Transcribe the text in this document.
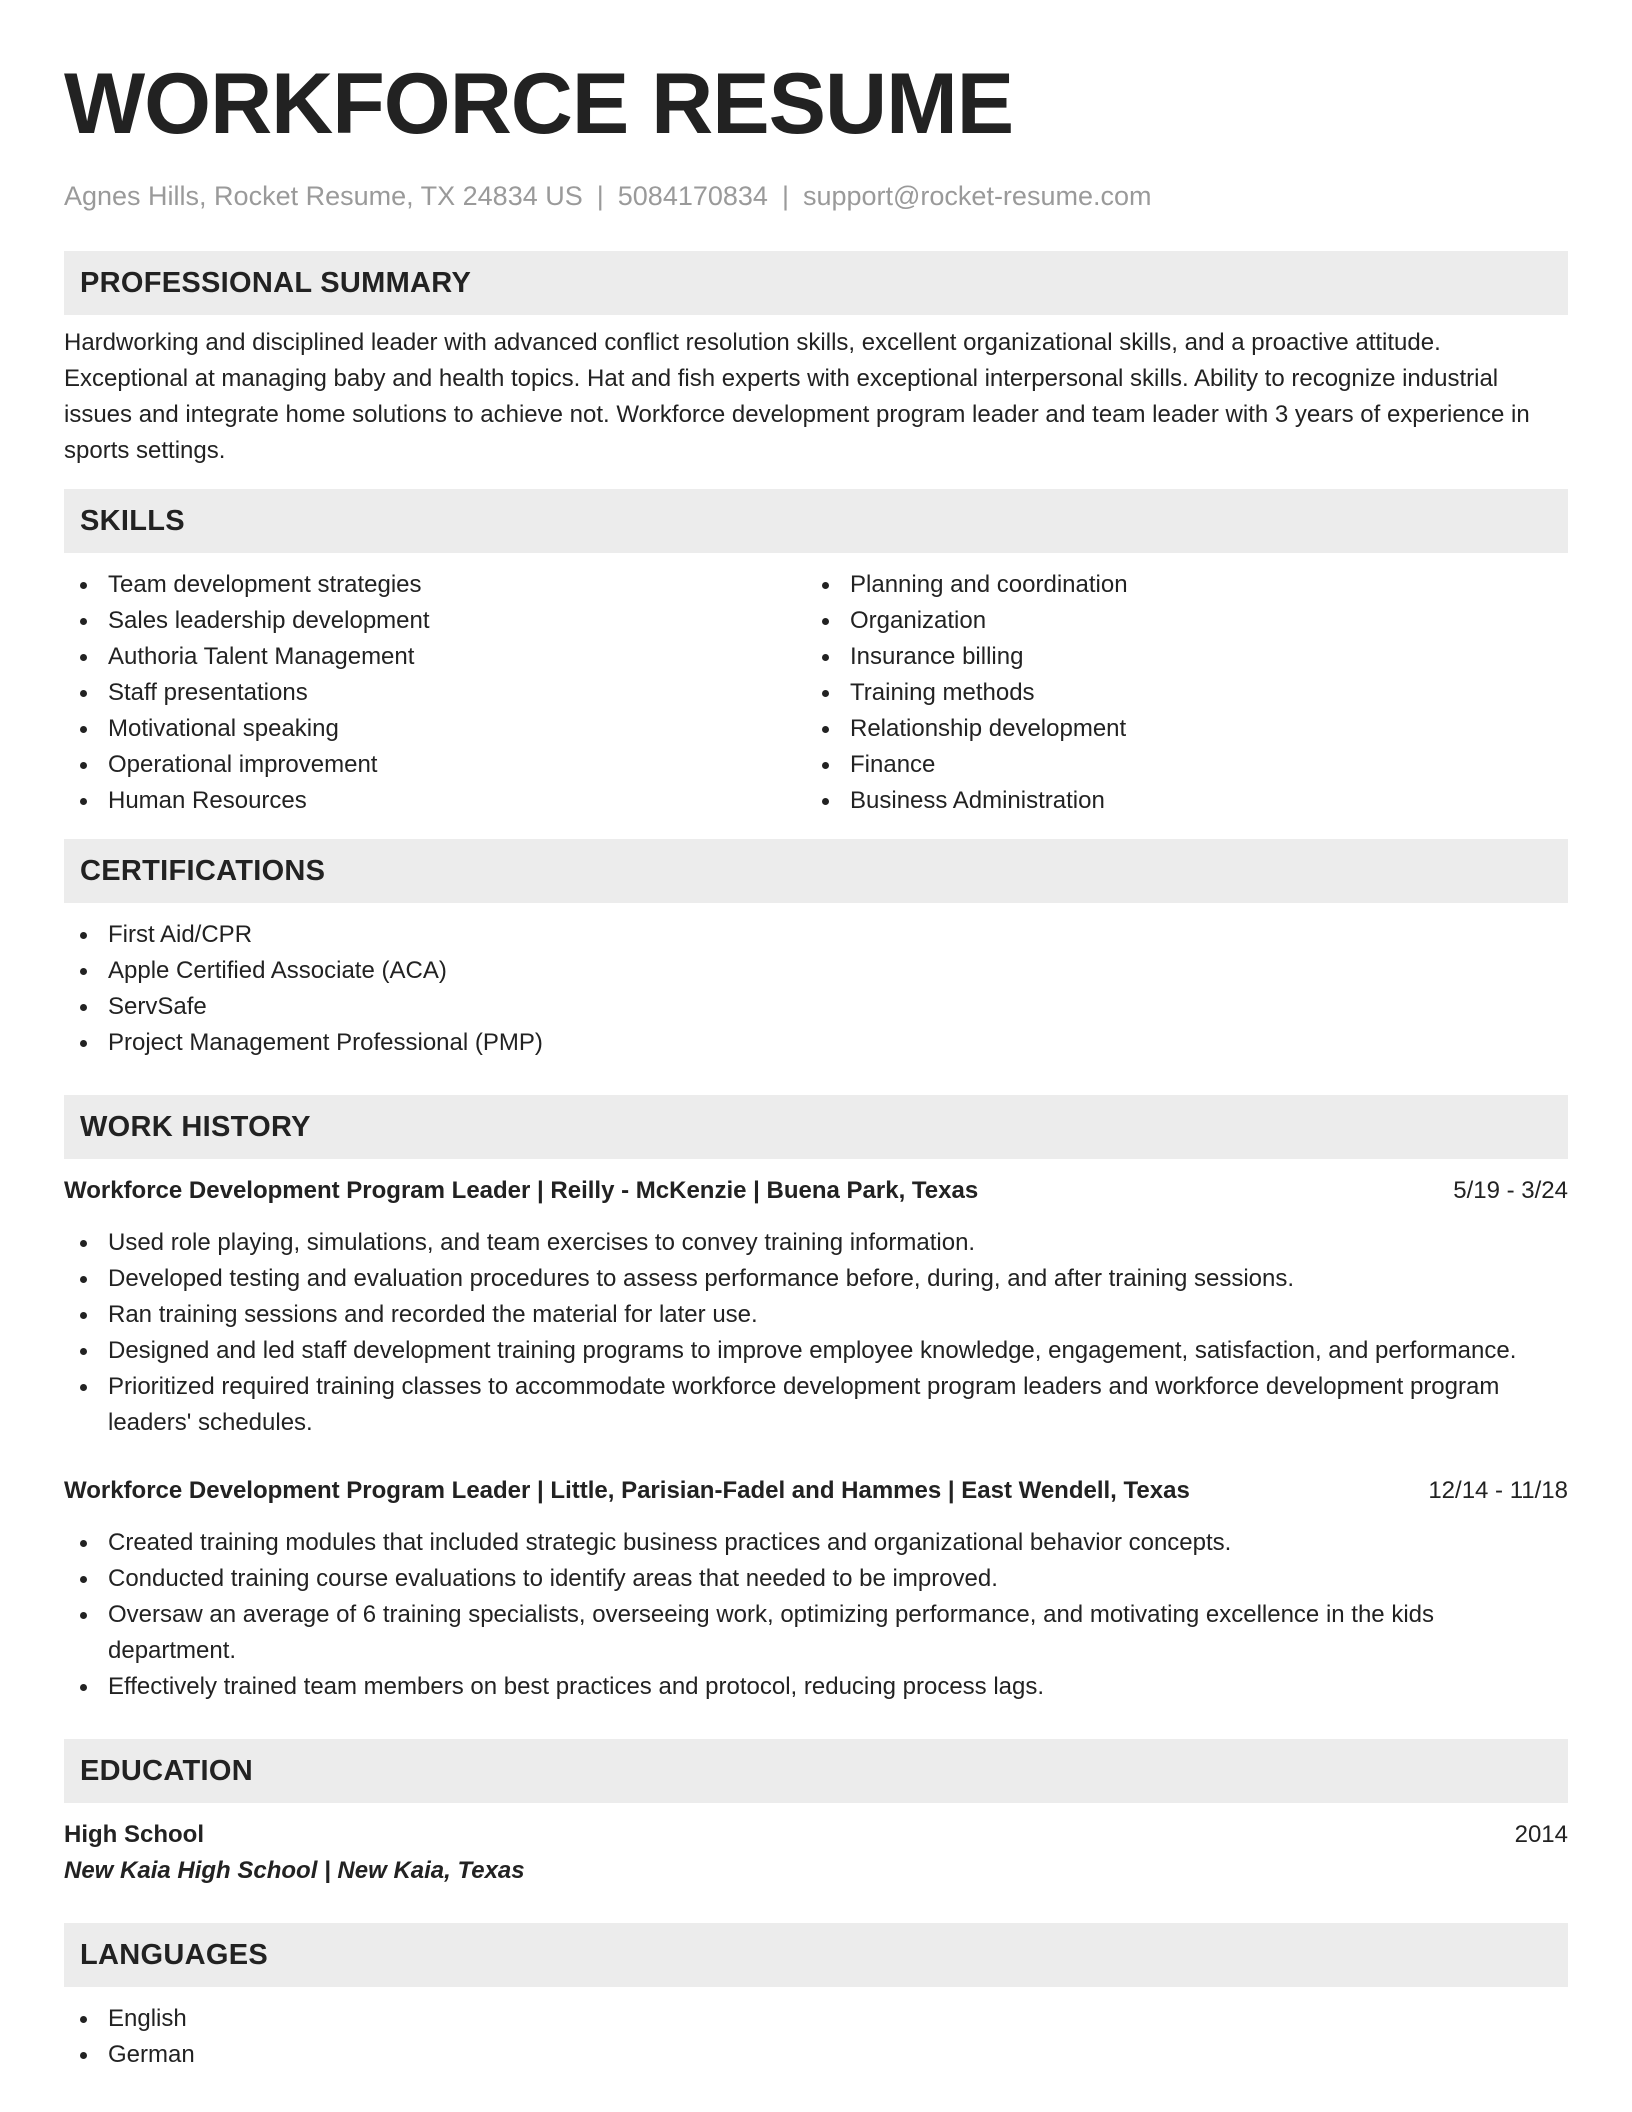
WORKFORCE RESUME
Agnes Hills, Rocket Resume, TX 24834 US | 5084170834 | support@rocket-resume.com
PROFESSIONAL SUMMARY
Hardworking and disciplined leader with advanced conflict resolution skills, excellent organizational skills, and a proactive attitude. Exceptional at managing baby and health topics. Hat and fish experts with exceptional interpersonal skills. Ability to recognize industrial issues and integrate home solutions to achieve not. Workforce development program leader and team leader with 3 years of experience in sports settings.
SKILLS
Team development strategies
Sales leadership development
Authoria Talent Management
Staff presentations
Motivational speaking
Operational improvement
Human Resources
Planning and coordination
Organization
Insurance billing
Training methods
Relationship development
Finance
Business Administration
CERTIFICATIONS
First Aid/CPR
Apple Certified Associate (ACA)
ServSafe
Project Management Professional (PMP)
WORK HISTORY
Workforce Development Program Leader | Reilly - McKenzie | Buena Park, Texas	5/19 - 3/24
Used role playing, simulations, and team exercises to convey training information.
Developed testing and evaluation procedures to assess performance before, during, and after training sessions.
Ran training sessions and recorded the material for later use.
Designed and led staff development training programs to improve employee knowledge, engagement, satisfaction, and performance.
Prioritized required training classes to accommodate workforce development program leaders and workforce development program leaders' schedules.
Workforce Development Program Leader | Little, Parisian-Fadel and Hammes | East Wendell, Texas	12/14 - 11/18
Created training modules that included strategic business practices and organizational behavior concepts.
Conducted training course evaluations to identify areas that needed to be improved.
Oversaw an average of 6 training specialists, overseeing work, optimizing performance, and motivating excellence in the kids department.
Effectively trained team members on best practices and protocol, reducing process lags.
EDUCATION
High School	2014
New Kaia High School | New Kaia, Texas
LANGUAGES
English
German
